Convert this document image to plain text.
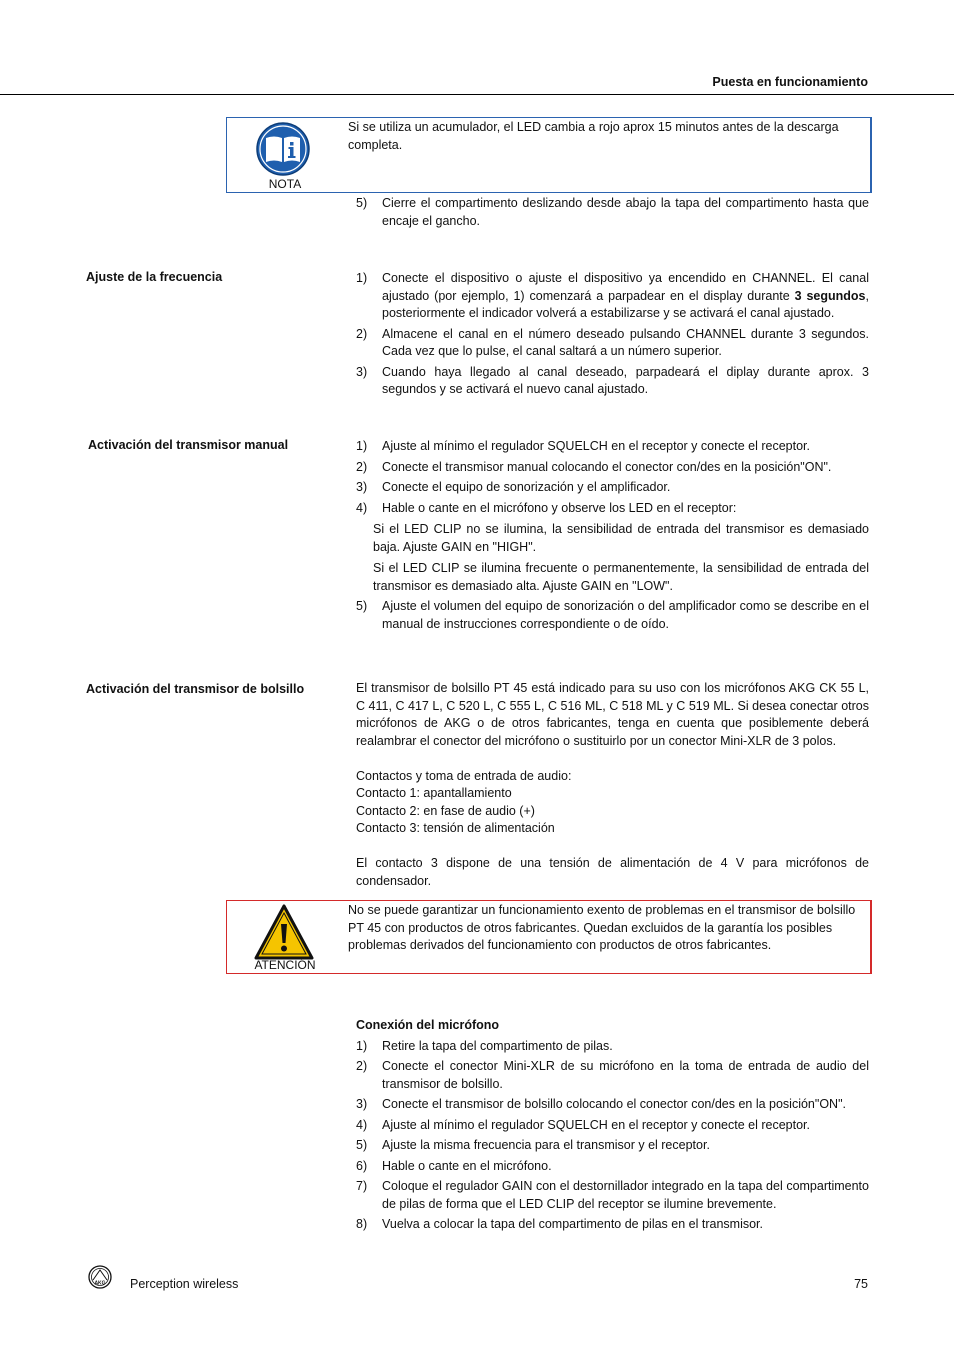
Puesta en funcionamiento
NOTA
Si se utiliza un acumulador, el LED cambia a rojo aprox 15 minutos antes de la descarga completa.
5) Cierre el compartimento deslizando desde abajo la tapa del compartimento hasta que encaje el gancho.
Ajuste de la frecuencia	1) Conecte el dispositivo o ajuste el dispositivo ya encendido en CHANNEL. El canal ajustado (por ejemplo, 1) comenzará a parpadear en el display durante 3 segundos, posteriormente el indicador volverá a estabilizarse y se activará el canal ajustado.
2) Almacene el canal en el número deseado pulsando CHANNEL durante 3 segundos. Cada vez que lo pulse, el canal saltará a un número superior.
3) Cuando haya llegado al canal deseado, parpadeará el diplay durante aprox. 3 segundos y se activará el nuevo canal ajustado.
Activación del transmisor manual	1) Ajuste al mínimo el regulador SQUELCH en el receptor y conecte el receptor.
2) Conecte el transmisor manual colocando el conector con/des en la posición"ON".
3) Conecte el equipo de sonorización y el amplificador.
4) Hable o cante en el micrófono y observe los LED en el receptor:
Si el LED CLIP no se ilumina, la sensibilidad de entrada del transmisor es demasiado baja. Ajuste GAIN en "HIGH".
Si el LED CLIP se ilumina frecuente o permanentemente, la sensibilidad de entrada del transmisor es demasiado alta. Ajuste GAIN en "LOW".
5) Ajuste el volumen del equipo de sonorización o del amplificador como se describe en el manual de instrucciones correspondiente o de oído.
Activación del transmisor de bolsillo	El transmisor de bolsillo PT 45 está indicado para su uso con los micrófonos AKG CK 55 L, C 411, C 417 L, C 520 L, C 555 L, C 516 ML, C 518 ML y C 519 ML. Si desea conectar otros micrófonos de AKG o de otros fabricantes, tenga en cuenta que posiblemente deberá realambrar el conector del micrófono o sustituirlo por un conector Mini-XLR de 3 polos.

Contactos y toma de entrada de audio:

Contacto 1: apantallamiento

Contacto 2: en fase de audio (+)

Contacto 3: tensión de alimentación

El contacto 3 dispone de una tensión de alimentación de 4 V para micrófonos de condensador.

ATENCIÓN
No se puede garantizar un funcionamiento exento de problemas en el transmisor de bolsillo PT 45 con productos de otros fabricantes. Quedan excluidos de la garantía los posibles problemas derivados del funcionamiento con productos de otros fabricantes.
Conexión del micrófono
1) Retire la tapa del compartimento de pilas.
2) Conecte el conector Mini-XLR de su micrófono en la toma de entrada de audio del transmisor de bolsillo.
3) Conecte el transmisor de bolsillo colocando el conector con/des en la posición"ON".
4) Ajuste al mínimo el regulador SQUELCH en el receptor y conecte el receptor.
5) Ajuste la misma frecuencia para el transmisor y el receptor.
6) Hable o cante en el micrófono.
7) Coloque el regulador GAIN con el destornillador integrado en la tapa del compartimento de pilas de forma que el LED CLIP del receptor se ilumine brevemente.
8) Vuelva a colocar la tapa del compartimento de pilas en el transmisor.
AKG Perception wireless	75
